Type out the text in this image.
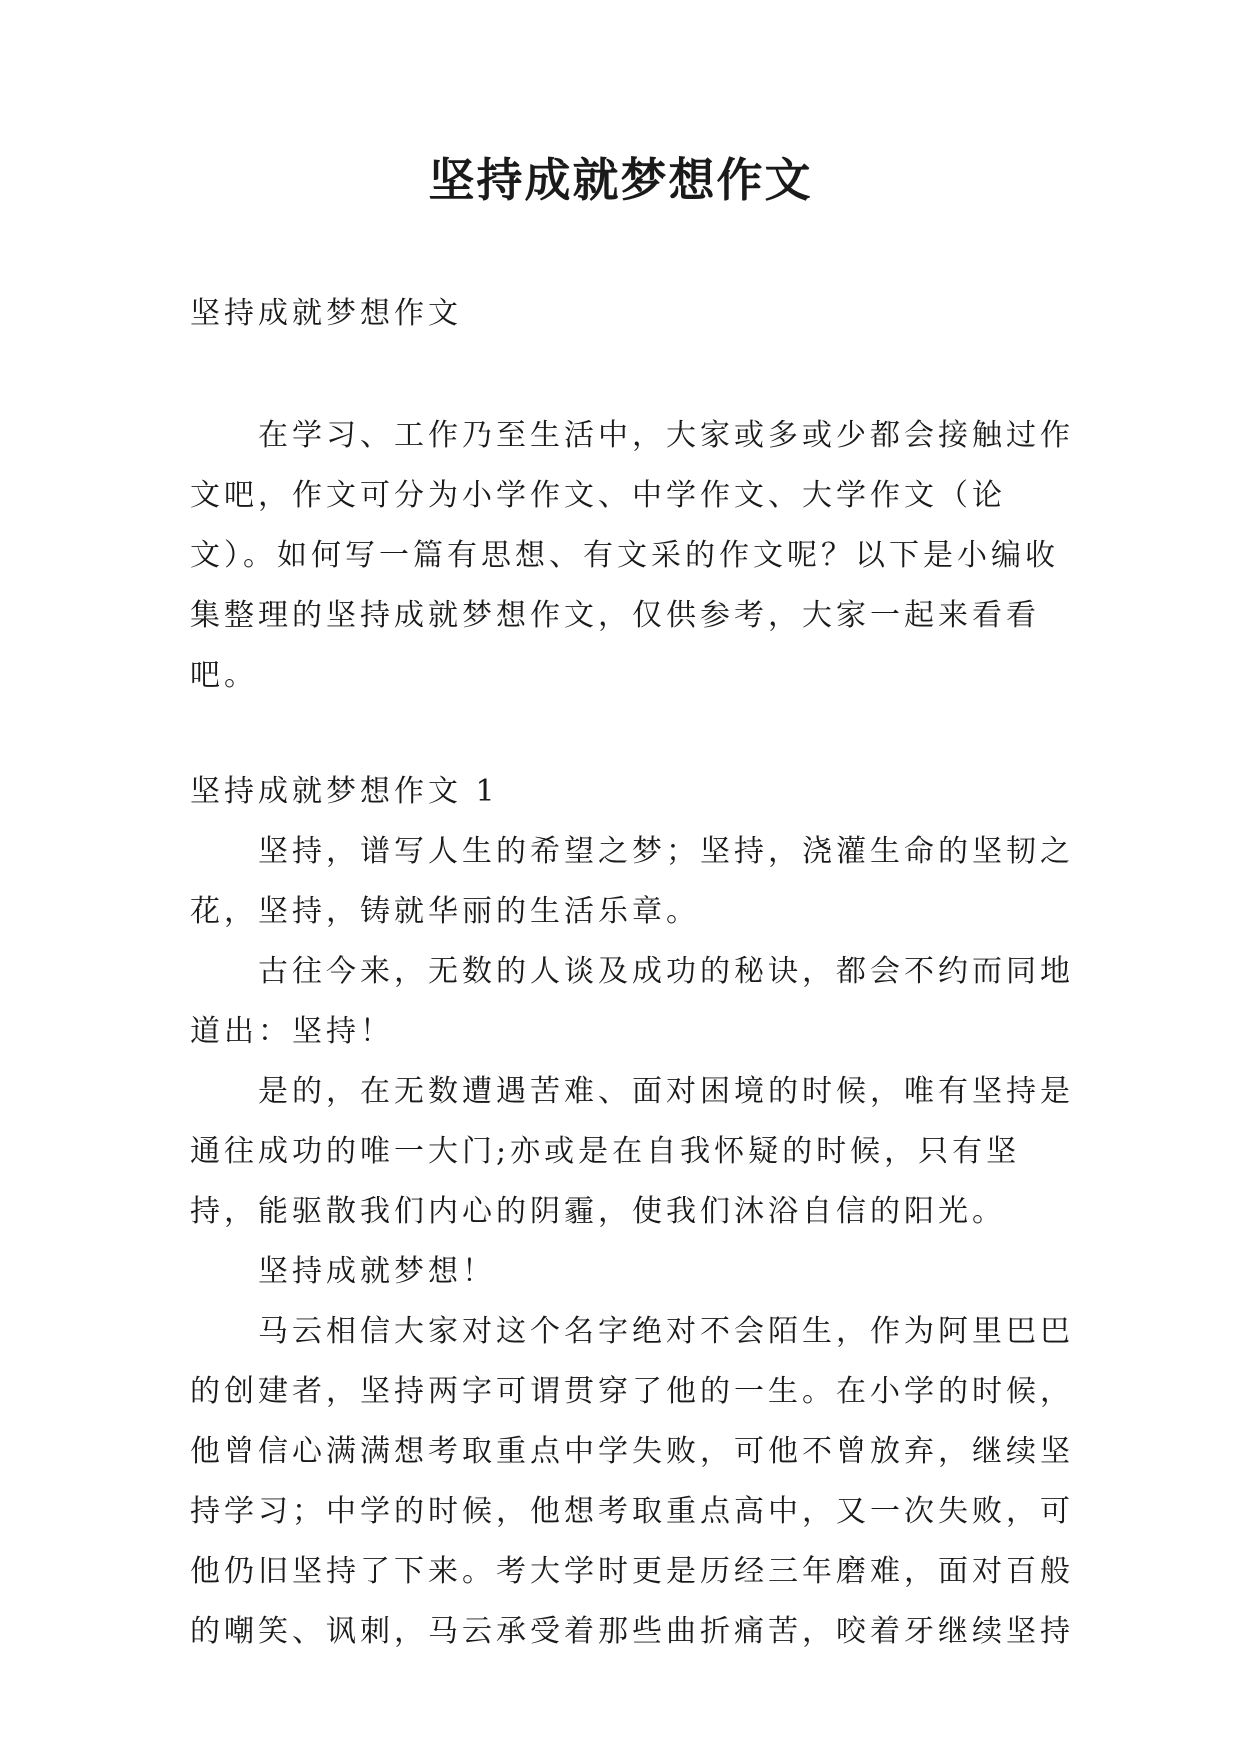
坚持成就梦想作文

坚持成就梦想作文

在学习、工作乃至生活中，大家或多或少都会接触过作文吧，作文可分为小学作文、中学作文、大学作文（论文）。如何写一篇有思想、有文采的作文呢？以下是小编收集整理的坚持成就梦想作文，仅供参考，大家一起来看看吧。

坚持成就梦想作文 1

坚持，谱写人生的希望之梦；坚持，浇灌生命的坚韧之花，坚持，铸就华丽的生活乐章。

古往今来，无数的人谈及成功的秘诀，都会不约而同地道出：坚持！

是的，在无数遭遇苦难、面对困境的时候，唯有坚持是通往成功的唯一大门;亦或是在自我怀疑的时候，只有坚持，能驱散我们内心的阴霾，使我们沐浴自信的阳光。

坚持成就梦想！

马云相信大家对这个名字绝对不会陌生，作为阿里巴巴的创建者，坚持两字可谓贯穿了他的一生。在小学的时候，他曾信心满满想考取重点中学失败，可他不曾放弃，继续坚持学习；中学的时候，他想考取重点高中，又一次失败，可他仍旧坚持了下来。考大学时更是历经三年磨难，面对百般的嘲笑、讽刺，马云承受着那些曲折痛苦，咬着牙继续坚持
